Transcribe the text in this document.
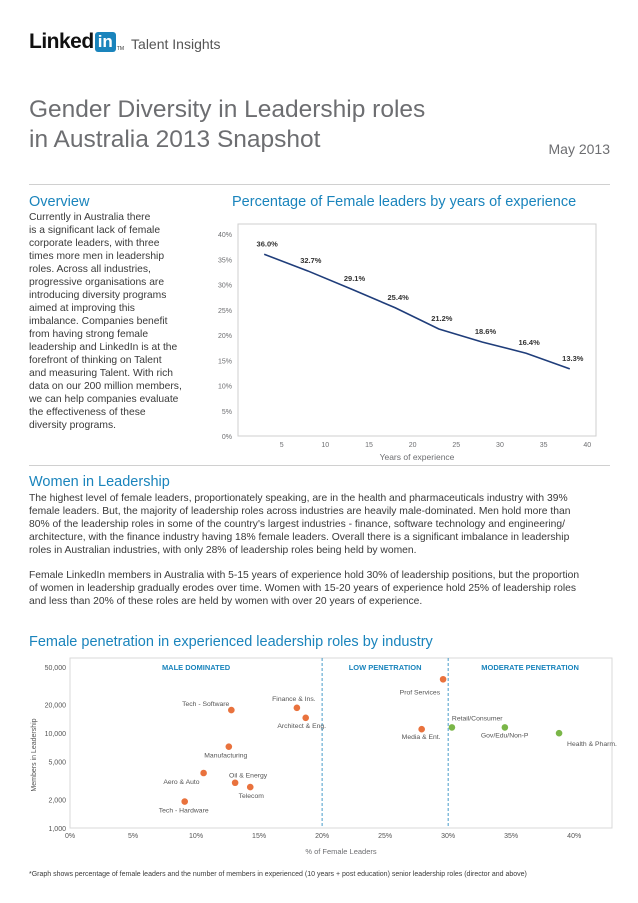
Linked in TM Talent Insights
Gender Diversity in Leadership roles
in Australia 2013 Snapshot	May 2013
Overview
Currently in Australia there
is a significant lack of female
corporate leaders, with three
times more men in leadership
roles. Across all industries,
progressive organisations are
introducing diversity programs
aimed at improving this
imbalance. Companies benefit
from having strong female
leadership and LinkedIn is at the
forefront of thinking on Talent
and measuring Talent. With rich
data on our 200 million members,
we can help companies evaluate
the effectiveness of these
diversity programs.
Percentage of Female leaders by years of experience
0%
5%
10%
15%
20%
25%
30%
35%
40%
5	10	15	20	25	30	35	40
Years of experience
36.0%
32.7%
29.1%
25.4%
21.2%
18.6%
16.4%
13.3%
Women in Leadership
The highest level of female leaders, proportionately speaking, are in the health and pharmaceuticals industry with 39%
female leaders. But, the majority of leadership roles across industries are heavily male-dominated. Men hold more than
80% of the leadership roles in some of the country's largest industries - finance, software technology and engineering/
architecture, with the finance industry having 18% female leaders. Overall there is a significant imbalance in leadership
roles in Australian industries, with only 28% of leadership roles being held by women.
Female LinkedIn members in Australia with 5-15 years of experience hold 30% of leadership positions, but the proportion
of women in leadership gradually erodes over time. Women with 15-20 years of experience hold 25% of leadership roles
and less than 20% of these roles are held by women with over 20 years of experience.
Female penetration in experienced leadership roles by industry
MALE DOMINATED	LOW PENETRATION	MODERATE PENETRATION
1,000
2,000
5,000
10,000
20,000
50,000
0%	5%	10%	15%	20%	25%	30%	35%	40%
% of Female Leaders
Members in Leadership
Prof Services
Tech - Software
Finance & Ins.
Architect & Eng.
Retail/Consumer
Media & Ent.	Gov/Edu/Non-P
Health & Pharm.
Manufacturing
Aero & Auto
Oil & Energy
Telecom
Tech - Hardware
*Graph shows percentage of female leaders and the number of members in experienced (10 years + post education) senior leadership roles (director and above)
